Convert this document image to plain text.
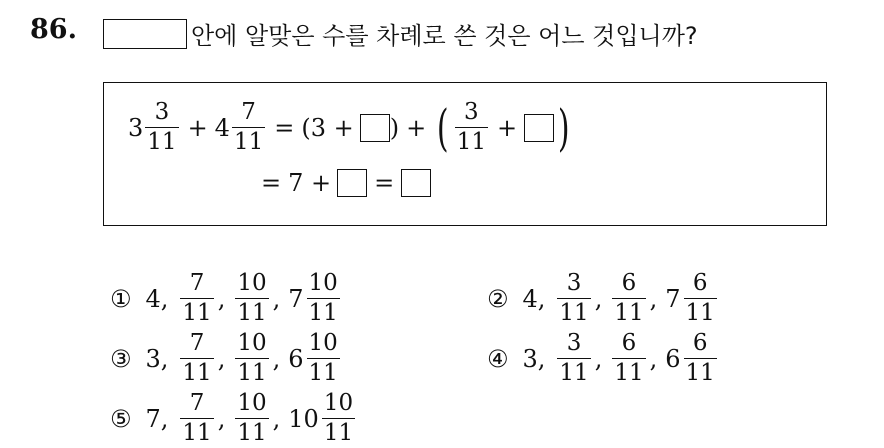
86.	안에 알맞은 수를 차례로 쓴 것은 어느 것입니까?
$3 \frac{3}{11} + 4 \frac{7}{11} = (3$ + ) + ( $\frac{3}{11}$ + )
= 7 + =
① 4, $\frac{7}{11}$ , $\frac{10}{11}$ , $7 \frac{10}{11}$	② 4, $\frac{3}{11}$ , $\frac{6}{11}$ , $7 \frac{6}{11}$
③ 3, $\frac{7}{11}$ , $\frac{10}{11}$ , $6 \frac{10}{11}$	④ 3, $\frac{3}{11}$ , $\frac{6}{11}$ , $6 \frac{6}{11}$
⑤ 7, $\frac{7}{11}$ , $\frac{10}{11}$ , $10 \frac{10}{11}$
